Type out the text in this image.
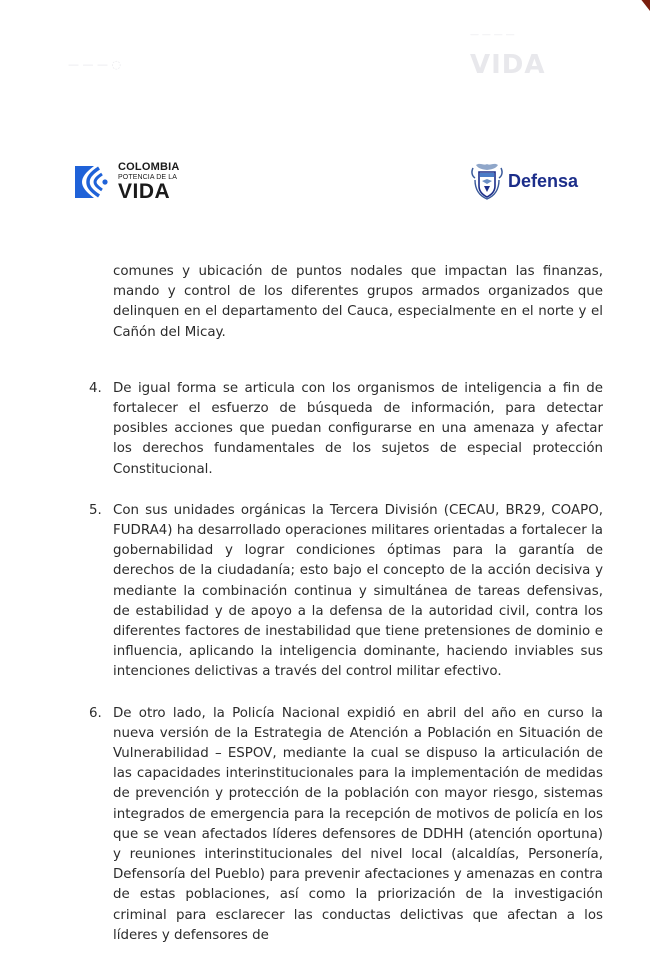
— — — —
VIDA
— — — ◌
COLOMBIA
POTENCIA DE LA
VIDA	Defensa

comunes y ubicación de puntos nodales que impactan las finanzas, mando y control de los diferentes grupos armados organizados que delinquen en el departamento del Cauca, especialmente en el norte y el Cañón del Micay.

4. De igual forma se articula con los organismos de inteligencia a fin de fortalecer el esfuerzo de búsqueda de información, para detectar posibles acciones que puedan configurarse en una amenaza y afectar los derechos fundamentales de los sujetos de especial protección Constitucional.
5. Con sus unidades orgánicas la Tercera División (CECAU, BR29, COAPO, FUDRA4) ha desarrollado operaciones militares orientadas a fortalecer la gobernabilidad y lograr condiciones óptimas para la garantía de derechos de la ciudadanía; esto bajo el concepto de la acción decisiva y mediante la combinación continua y simultánea de tareas defensivas, de estabilidad y de apoyo a la defensa de la autoridad civil, contra los diferentes factores de inestabilidad que tiene pretensiones de dominio e influencia, aplicando la inteligencia dominante, haciendo inviables sus intenciones delictivas a través del control militar efectivo.
6. De otro lado, la Policía Nacional expidió en abril del año en curso la nueva versión de la Estrategia de Atención a Población en Situación de Vulnerabilidad – ESPOV, mediante la cual se dispuso la articulación de las capacidades interinstitucionales para la implementación de medidas de prevención y protección de la población con mayor riesgo, sistemas integrados de emergencia para la recepción de motivos de policía en los que se vean afectados líderes defensores de DDHH (atención oportuna) y reuniones interinstitucionales del nivel local (alcaldías, Personería, Defensoría del Pueblo) para prevenir afectaciones y amenazas en contra de estas poblaciones, así como la priorización de la investigación criminal para esclarecer las conductas delictivas que afectan a los líderes y defensores de
